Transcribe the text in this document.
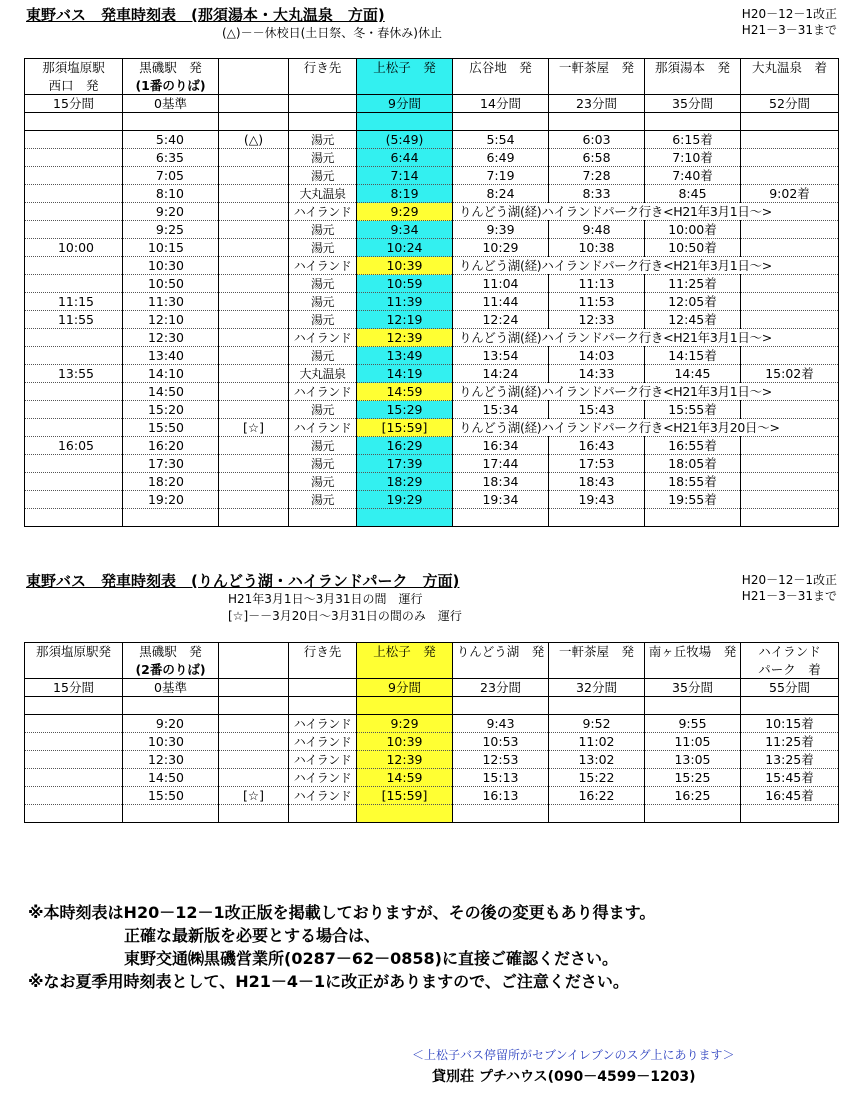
東野バス　発車時刻表　(那須湯本・大丸温泉　方面)
(△)－－休校日(土日祭、冬・春休み)休止
H20－12－1改正
H21－3－31まで
那須塩原駅	黒磯駅　発		行き先	上松子　発	広谷地　発	一軒茶屋　発	那須湯本　発	大丸温泉　着
西口　発	(1番のりば)							
15分間	0基準			9分間	14分間	23分間	35分間	52分間

	5:40	(△)	湯元	(5:49)	5:54	6:03	6:15着	
	6:35		湯元	6:44	6:49	6:58	7:10着	
	7:05		湯元	7:14	7:19	7:28	7:40着	
	8:10		大丸温泉	8:19	8:24	8:33	8:45	9:02着
	9:20		ハイランド	9:29	りんどう湖(経)ハイランドパーク行き<H21年3月1日～>			
	9:25		湯元	9:34	9:39	9:48	10:00着	
10:00	10:15		湯元	10:24	10:29	10:38	10:50着	
	10:30		ハイランド	10:39	りんどう湖(経)ハイランドパーク行き<H21年3月1日～>			
	10:50		湯元	10:59	11:04	11:13	11:25着	
11:15	11:30		湯元	11:39	11:44	11:53	12:05着	
11:55	12:10		湯元	12:19	12:24	12:33	12:45着	
	12:30		ハイランド	12:39	りんどう湖(経)ハイランドパーク行き<H21年3月1日～>			
	13:40		湯元	13:49	13:54	14:03	14:15着	
13:55	14:10		大丸温泉	14:19	14:24	14:33	14:45	15:02着
	14:50		ハイランド	14:59	りんどう湖(経)ハイランドパーク行き<H21年3月1日～>			
	15:20		湯元	15:29	15:34	15:43	15:55着	
	15:50	[☆]	ハイランド	[15:59]	りんどう湖(経)ハイランドパーク行き<H21年3月20日～>			
16:05	16:20		湯元	16:29	16:34	16:43	16:55着	
	17:30		湯元	17:39	17:44	17:53	18:05着	
	18:20		湯元	18:29	18:34	18:43	18:55着	
	19:20		湯元	19:29	19:34	19:43	19:55着	

東野バス　発車時刻表　(りんどう湖・ハイランドパーク　方面)
H21年3月1日～3月31日の間　運行
[☆]－－3月20日～3月31日の間のみ　運行
H20－12－1改正
H21－3－31まで
那須塩原駅発	黒磯駅　発		行き先	上松子　発	りんどう湖　発	一軒茶屋　発	南ヶ丘牧場　発	ハイランド
	(2番のりば)							パーク　着
15分間	0基準			9分間	23分間	32分間	35分間	55分間

	9:20		ハイランド	9:29	9:43	9:52	9:55	10:15着
	10:30		ハイランド	10:39	10:53	11:02	11:05	11:25着
	12:30		ハイランド	12:39	12:53	13:02	13:05	13:25着
	14:50		ハイランド	14:59	15:13	15:22	15:25	15:45着
	15:50	[☆]	ハイランド	[15:59]	16:13	16:22	16:25	16:45着

※本時刻表はH20－12－1改正版を掲載しておりますが、その後の変更もあり得ます。
正確な最新版を必要とする場合は、
東野交通㈱黒磯営業所(0287－62－0858)に直接ご確認ください。
※なお夏季用時刻表として、H21－4－1に改正がありますので、ご注意ください。
＜上松子バス停留所がセブンイレブンのスグ上にあります＞
貸別荘 プチハウス(090－4599－1203)
